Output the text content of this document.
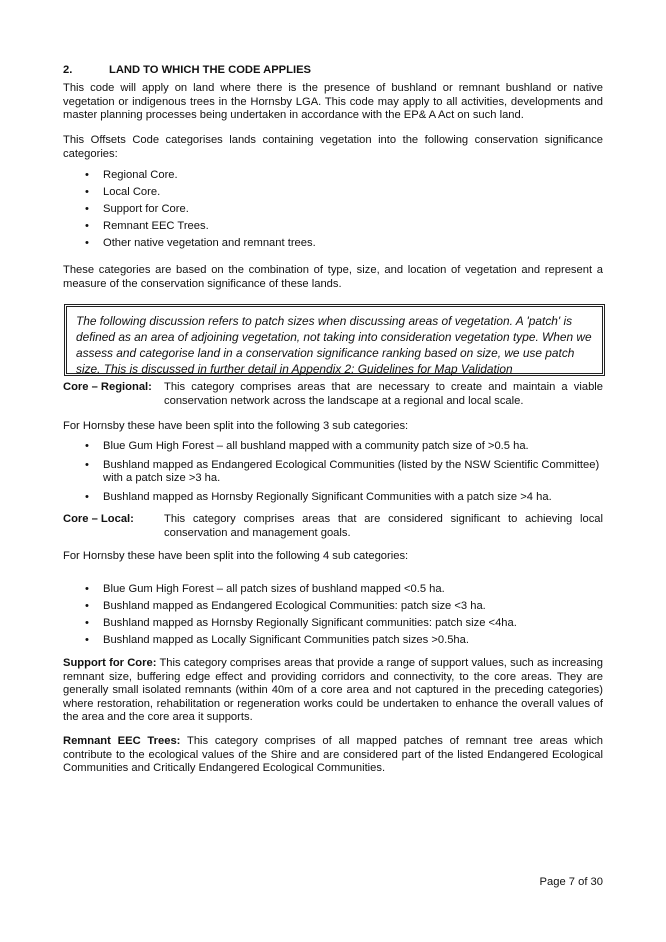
2.	LAND TO WHICH THE CODE APPLIES
This code will apply on land where there is the presence of bushland or remnant bushland or native vegetation or indigenous trees in the Hornsby LGA. This code may apply to all activities, developments and master planning processes being undertaken in accordance with the EP& A Act on such land.
This Offsets Code categorises lands containing vegetation into the following conservation significance categories:
• Regional Core.
• Local Core.
• Support for Core.
• Remnant EEC Trees.
• Other native vegetation and remnant trees.
These categories are based on the combination of type, size, and location of vegetation and represent a measure of the conservation significance of these lands.
The following discussion refers to patch sizes when discussing areas of vegetation. A 'patch' is defined as an area of adjoining vegetation, not taking into consideration vegetation type. When we assess and categorise land in a conservation significance ranking based on size, we use patch size. This is discussed in further detail in Appendix 2: Guidelines for Map Validation
Core – Regional: This category comprises areas that are necessary to create and maintain a viable conservation network across the landscape at a regional and local scale.
For Hornsby these have been split into the following 3 sub categories:
• Blue Gum High Forest – all bushland mapped with a community patch size of >0.5 ha.
• Bushland mapped as Endangered Ecological Communities (listed by the NSW Scientific Committee) with a patch size >3 ha.
• Bushland mapped as Hornsby Regionally Significant Communities with a patch size >4 ha.
Core – Local:	This category comprises areas that are considered significant to achieving local conservation and management goals.
For Hornsby these have been split into the following 4 sub categories:
• Blue Gum High Forest – all patch sizes of bushland mapped <0.5 ha.
• Bushland mapped as Endangered Ecological Communities: patch size <3 ha.
• Bushland mapped as Hornsby Regionally Significant communities: patch size <4ha.
• Bushland mapped as Locally Significant Communities patch sizes >0.5ha.
Support for Core: This category comprises areas that provide a range of support values, such as increasing remnant size, buffering edge effect and providing corridors and connectivity, to the core areas. They are generally small isolated remnants (within 40m of a core area and not captured in the preceding categories) where restoration, rehabilitation or regeneration works could be undertaken to enhance the overall values of the area and the core area it supports.
Remnant EEC Trees: This category comprises of all mapped patches of remnant tree areas which contribute to the ecological values of the Shire and are considered part of the listed Endangered Ecological Communities and Critically Endangered Ecological Communities.
Page 7 of 30
